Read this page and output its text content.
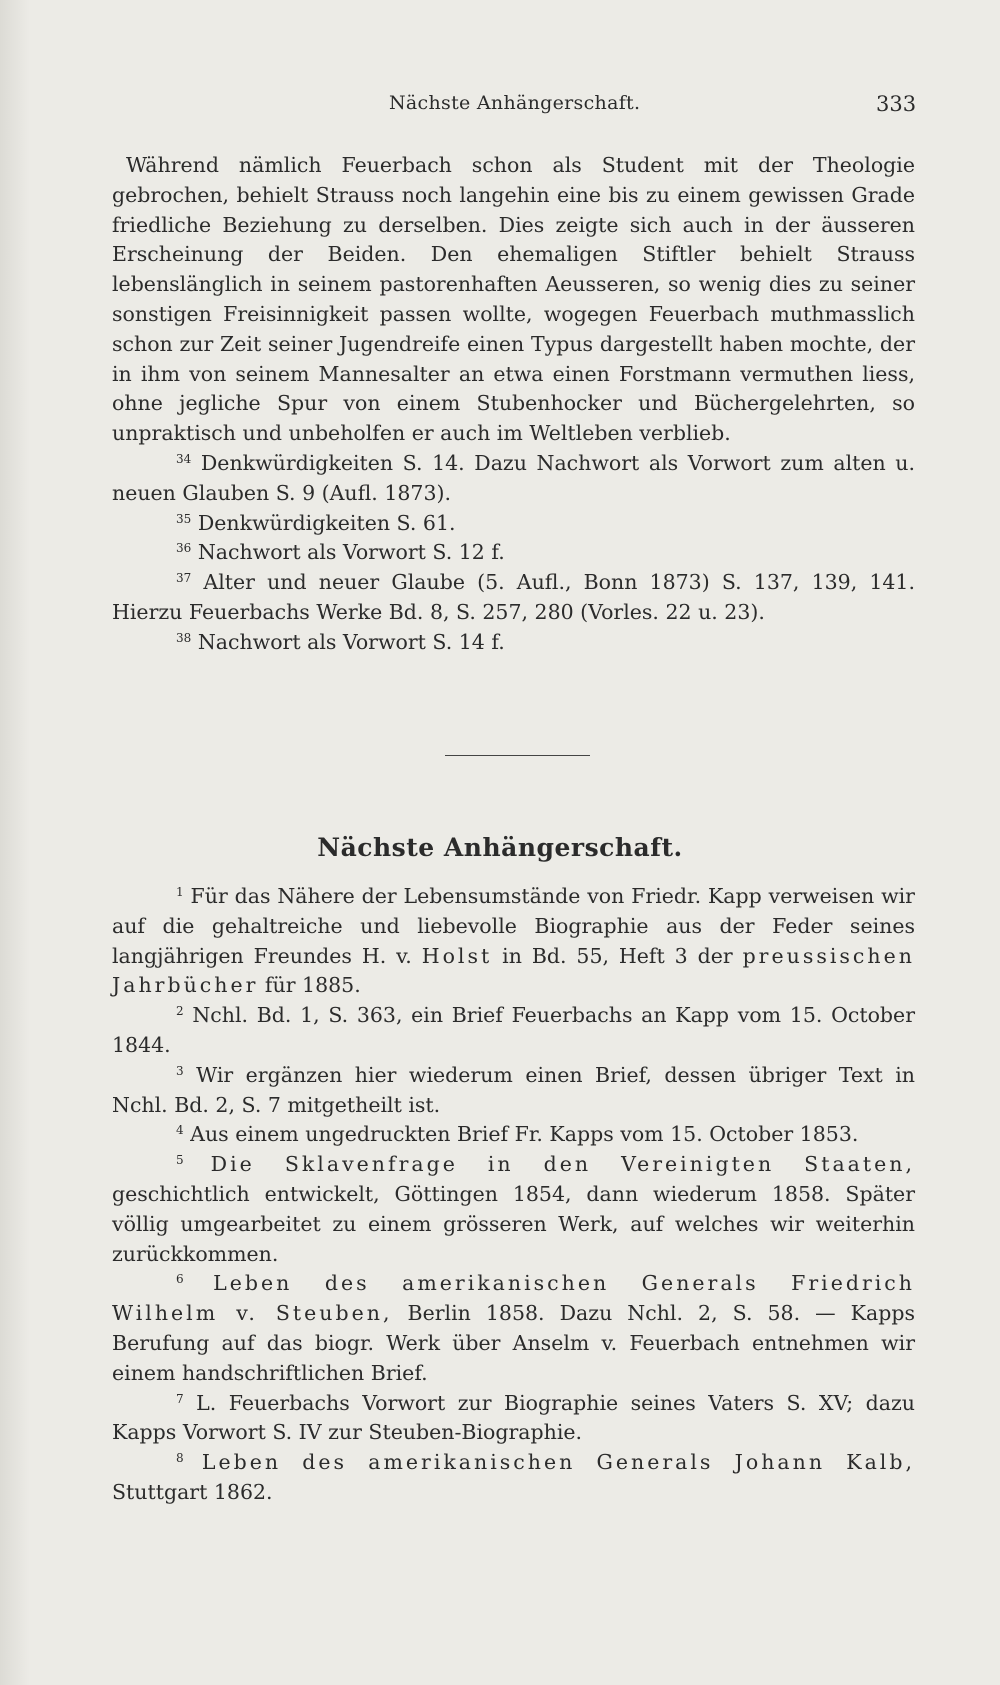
Nächste Anhängerschaft.	333

Während nämlich Feuerbach schon als Student mit der Theologie gebrochen, behielt Strauss noch langehin eine bis zu einem gewissen Grade friedliche Beziehung zu derselben. Dies zeigte sich auch in der äusseren Erscheinung der Beiden. Den ehemaligen Stiftler behielt Strauss lebenslänglich in seinem pastorenhaften Aeusseren, so wenig dies zu seiner sonstigen Freisinnigkeit passen wollte, wogegen Feuerbach muthmasslich schon zur Zeit seiner Jugendreife einen Typus dargestellt haben mochte, der in ihm von seinem Mannesalter an etwa einen Forstmann vermuthen liess, ohne jegliche Spur von einem Stubenhocker und Büchergelehrten, so unpraktisch und unbeholfen er auch im Weltleben verblieb.

$^{34}$ Denkwürdigkeiten S. 14. Dazu Nachwort als Vorwort zum alten u. neuen Glauben S. 9 (Aufl. 1873).

$^{35}$ Denkwürdigkeiten S. 61.

$^{36}$ Nachwort als Vorwort S. 12 f.

$^{37}$ Alter und neuer Glaube (5. Aufl., Bonn 1873) S. 137, 139, 141. Hierzu Feuerbachs Werke Bd. 8, S. 257, 280 (Vorles. 22 u. 23).

$^{38}$ Nachwort als Vorwort S. 14 f.

Nächste Anhängerschaft.

$^1$ Für das Nähere der Lebensumstände von Friedr. Kapp verweisen wir auf die gehaltreiche und liebevolle Biographie aus der Feder seines langjährigen Freundes H. v. Holst in Bd. 55, Heft 3 der preussischen Jahrbücher für 1885.

$^2$ Nchl. Bd. 1, S. 363, ein Brief Feuerbachs an Kapp vom 15. October 1844.

$^3$ Wir ergänzen hier wiederum einen Brief, dessen übriger Text in Nchl. Bd. 2, S. 7 mitgetheilt ist.

$^4$ Aus einem ungedruckten Brief Fr. Kapps vom 15. October 1853.

$^5$ Die Sklavenfrage in den Vereinigten Staaten, geschichtlich entwickelt, Göttingen 1854, dann wiederum 1858. Später völlig umgearbeitet zu einem grösseren Werk, auf welches wir weiterhin zurückkommen.

$^6$ Leben des amerikanischen Generals Friedrich Wilhelm v. Steuben, Berlin 1858. Dazu Nchl. 2, S. 58. — Kapps Berufung auf das biogr. Werk über Anselm v. Feuerbach entnehmen wir einem handschriftlichen Brief.

$^7$ L. Feuerbachs Vorwort zur Biographie seines Vaters S. XV; dazu Kapps Vorwort S. IV zur Steuben-Biographie.

$^8$ Leben des amerikanischen Generals Johann Kalb, Stuttgart 1862.
